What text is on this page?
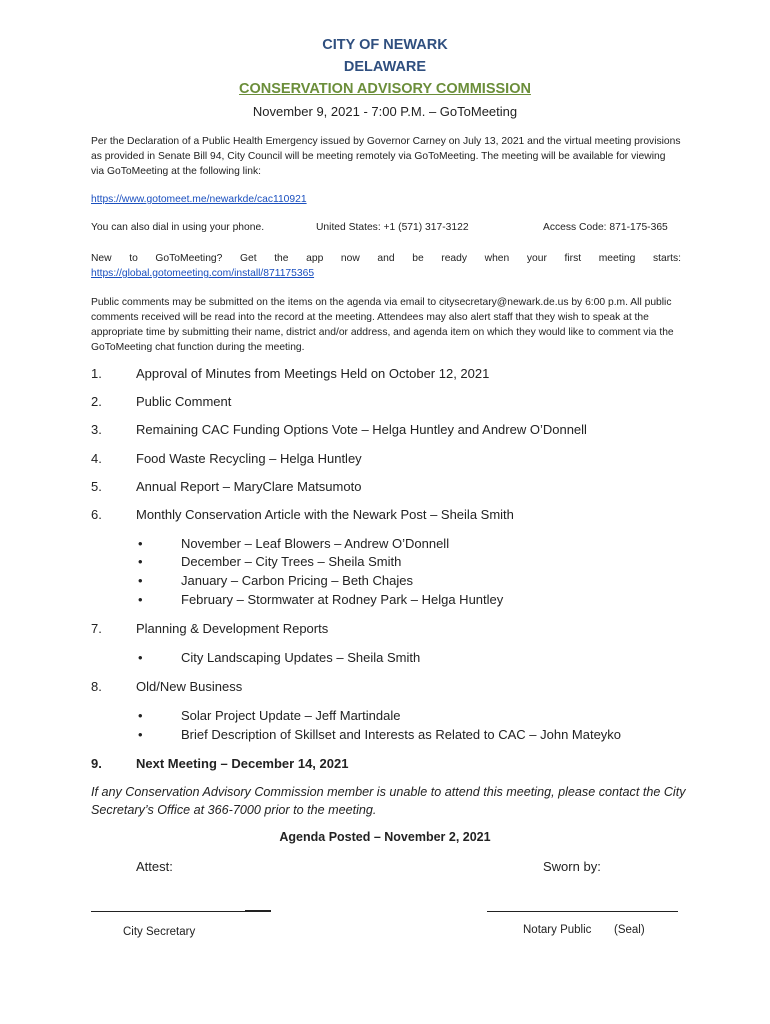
CITY OF NEWARK
DELAWARE
CONSERVATION ADVISORY COMMISSION
November 9, 2021 - 7:00 P.M. – GoToMeeting
Per the Declaration of a Public Health Emergency issued by Governor Carney on July 13, 2021 and the virtual meeting provisions as provided in Senate Bill 94, City Council will be meeting remotely via GoToMeeting. The meeting will be available for viewing via GoToMeeting at the following link:
https://www.gotomeet.me/newarkde/cac110921
You can also dial in using your phone.	United States: +1 (571) 317-3122	Access Code: 871-175-365
New to GoToMeeting? Get the app now and be ready when your first meeting starts: https://global.gotomeeting.com/install/871175365
Public comments may be submitted on the items on the agenda via email to citysecretary@newark.de.us by 6:00 p.m. All public comments received will be read into the record at the meeting. Attendees may also alert staff that they wish to speak at the appropriate time by submitting their name, district and/or address, and agenda item on which they would like to comment via the GoToMeeting chat function during the meeting.
1.	Approval of Minutes from Meetings Held on October 12, 2021
2.	Public Comment
3.	Remaining CAC Funding Options Vote – Helga Huntley and Andrew O’Donnell
4.	Food Waste Recycling – Helga Huntley
5.	Annual Report – MaryClare Matsumoto
6.	Monthly Conservation Article with the Newark Post – Sheila Smith
•	November – Leaf Blowers – Andrew O’Donnell
•	December – City Trees – Sheila Smith
•	January – Carbon Pricing – Beth Chajes
•	February – Stormwater at Rodney Park – Helga Huntley
7.	Planning & Development Reports
•	City Landscaping Updates – Sheila Smith
8.	Old/New Business
•	Solar Project Update – Jeff Martindale
•	Brief Description of Skillset and Interests as Related to CAC – John Mateyko
9.	Next Meeting – December 14, 2021
If any Conservation Advisory Commission member is unable to attend this meeting, please contact the City Secretary’s Office at 366-7000 prior to the meeting.
Agenda Posted – November 2, 2021
Attest:	Sworn by:
City Secretary	Notary Public (Seal)
